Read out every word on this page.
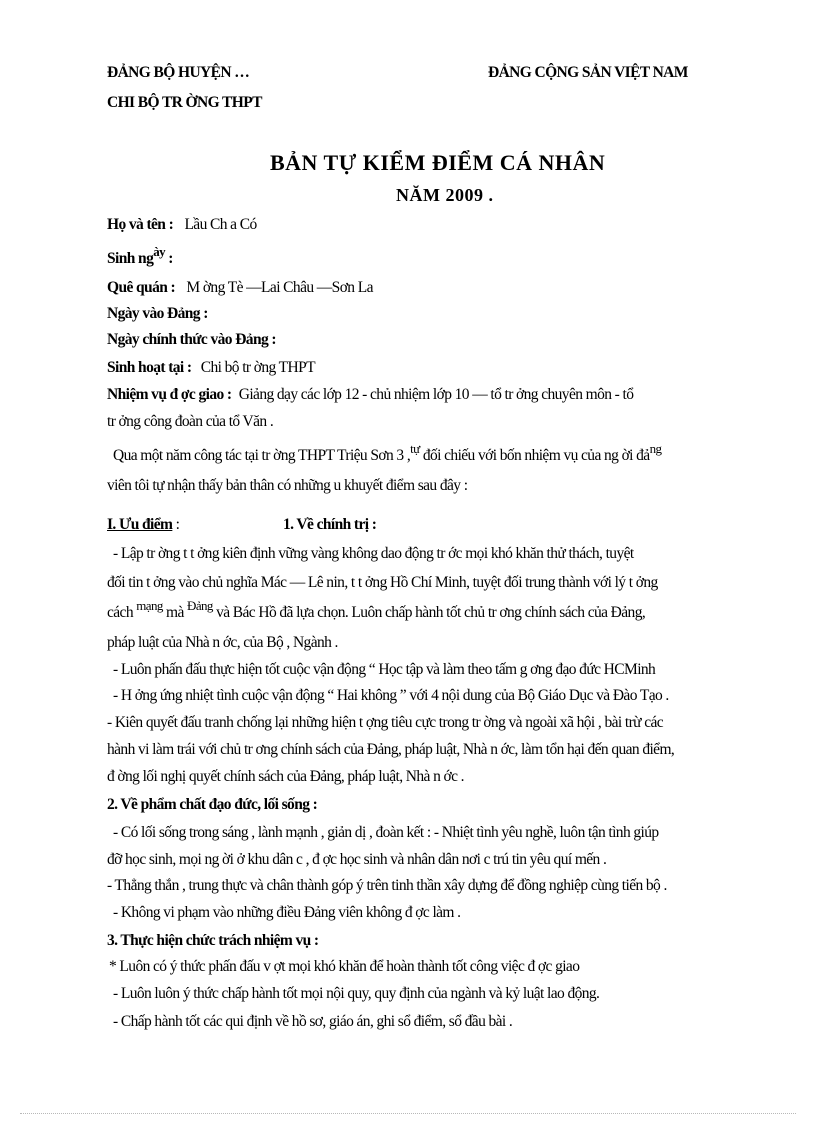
ĐẢNG BỘ HUYỆN …
CHI BỘ TR ỜNG THPT
ĐẢNG CỘNG SẢN VIỆT NAM
BẢN TỰ KIỂM ĐIỂM CÁ NHÂN
NĂM 2009 .
Họ và tên : Lầu Ch a Có
Sinh $ng^{ày}$ :
Quê quán : M ờng Tè —Lai Châu —Sơn La
Ngày vào Đảng :
Ngày chính thức vào Đảng :
Sinh hoạt tại : Chi bộ tr ờng THPT
Nhiệm vụ đ ợc giao : Giảng dạy các lớp 12 - chủ nhiệm lớp 10 — tổ tr ởng chuyên môn - tổ
tr ởng công đoàn của tổ Văn .
Qua một năm công tác tại tr ờng THPT Triệu Sơn 3 ,$^{tự}$ đối chiếu với bốn nhiệm vụ của ng ời đả$^{ng}$
viên tôi tự nhận thấy bản thân có những u khuyết điểm sau đây :
I. Ưu điểm :	1. Về chính trị :
- Lập tr ờng t t ởng kiên định vững vàng không dao động tr ớc mọi khó khăn thử thách, tuyệt
đối tin t ởng vào chủ nghĩa Mác — Lê nin, t t ởng Hồ Chí Minh, tuyệt đối trung thành với lý t ởng
cách $^{mạng}$ mà $^{Đảng}$ và Bác Hồ đã lựa chọn. Luôn chấp hành tốt chủ tr ơng chính sách của Đảng,
pháp luật của Nhà n ớc, của Bộ , Ngành .
- Luôn phấn đấu thực hiện tốt cuộc vận động “ Học tập và làm theo tấm g ơng đạo đức HCMinh
- H ởng ứng nhiệt tình cuộc vận động “ Hai không ” với 4 nội dung của Bộ Giáo Dục và Đào Tạo .
- Kiên quyết đấu tranh chống lại những hiện t ợng tiêu cực trong tr ờng và ngoài xã hội , bài trừ các
hành vi làm trái với chủ tr ơng chính sách của Đảng, pháp luật, Nhà n ớc, làm tổn hại đến quan điểm,
đ ờng lối nghị quyết chính sách của Đảng, pháp luật, Nhà n ớc .
2. Về phẩm chất đạo đức, lối sống :
- Có lối sống trong sáng , lành mạnh , giản dị , đoàn kết : - Nhiệt tình yêu nghề, luôn tận tình giúp
đỡ học sinh, mọi ng ời ở khu dân c , đ ợc học sinh và nhân dân nơi c trú tin yêu quí mến .
- Thẳng thắn , trung thực và chân thành góp ý trên tinh thần xây dựng để đồng nghiệp cùng tiến bộ .
- Không vi phạm vào những điều Đảng viên không đ ợc làm .
3. Thực hiện chức trách nhiệm vụ :
* Luôn có ý thức phấn đấu v ợt mọi khó khăn để hoàn thành tốt công việc đ ợc giao
- Luôn luôn ý thức chấp hành tốt mọi nội quy, quy định của ngành và kỷ luật lao động.
- Chấp hành tốt các qui định về hồ sơ, giáo án, ghi sổ điểm, sổ đầu bài .
